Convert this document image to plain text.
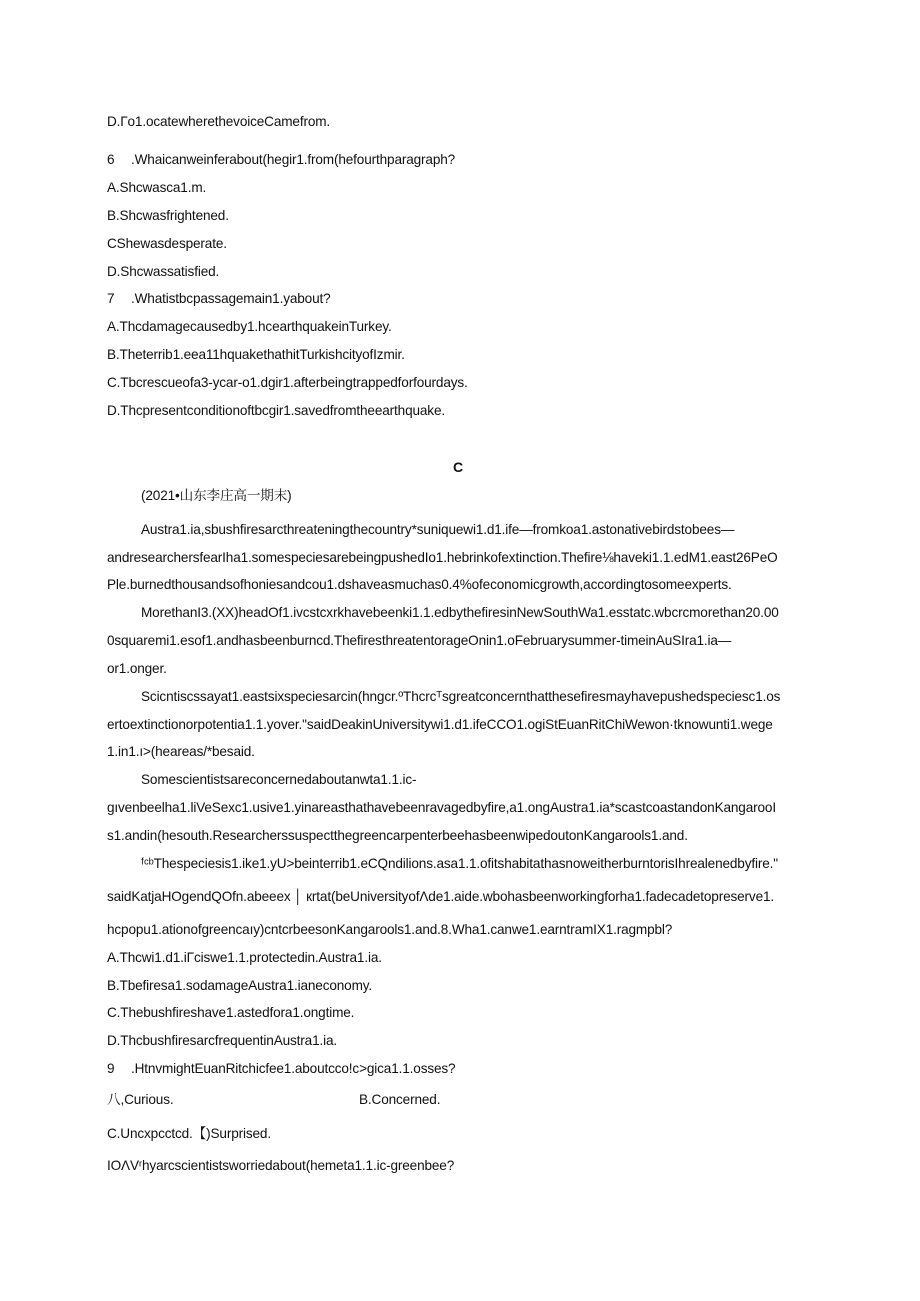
D.Гo1.ocatewherethevoiceCamefrom.
6 .Whaicanweinferabout(hegir1.from(hefourthparagraph?
A.Shcwasca1.m.
B.Shcwasfrightened.
CShewasdesperate.
D.Shcwassatisfied.
7 .Whatistbcpassagemain1.yabout?
A.Thcdamagecausedby1.hcearthquakeinTurkey.
B.Theterrib1.eea11hquakethathitTurkishcityofIzmir.
C.Tbcrescueofa3-ycar-o1.dgir1.afterbeingtrappedforfourdays.
D.Thcpresentconditionoftbcgir1.savedfromtheearthquake.
C
(2021•山东李庄高一期末)
Austra1.ia,sbushfiresarcthreateningthecountry*suniquewi1.d1.ife—fromkoa1.astonativebirdstobees—
andresearchersfearIha1.somespeciesarebeingpushedIo1.hebrinkofextinction.Thefire⅛haveki1.1.edM1.east26PeO
Ple.burnedthousandsofhoniesandcou1.dshaveasmuchas0.4%ofeconomicgrowth,accordingtosomeexperts.
MorethanI3.(XX)headOf1.ivcstcxrkhavebeenki1.1.edbythefiresinNewSouthWa1.esstatc.wbcrcmorethan20.00
0squaremi1.esof1.andhasbeenburncd.ThefiresthreatentorageOnin1.oFebruarysummer-timeinAuSIra1.ia—
or1.onger.
Scicntiscssayat1.eastsixspeciesarcin(hngcr.ºThcrcᵀsgreatconcernthatthesefiresmayhavepushedspeciesc1.os
ertoextinctionorpotentia1.1.yover."saidDeakinUniversitywi1.d1.ifeCCO1.ogiStEuanRitChiWewon·tknowunti1.wege
1.in1.ı>(heareas/*besaid.
Somescientistsareconcernedaboutanwta1.1.ic-
gıvenbeelha1.liVeSexc1.usive1.yinareasthathavebeenravagedbyfire,a1.ongAustra1.ia*scastcoastandonKangarooI
s1.andin(hesouth.ResearcherssuspectthegreencarpenterbeehasbeenwipedoutonKangarools1.and.
ᶠᶜᵇThespeciesis1.ike1.yU>beinterrib1.eCQndilions.asa1.1.ofitshabitathasnoweitherburntorisIhrealenedbyfire."
saidKatjaHOgendQOfn.abeeex │ кrtat(beUniversityofΛde1.aide.wbohasbeenworkingforha1.fadecadetopreserve1.
hcpopu1.ationofgreencaıy)cntcrbeesonKangarools1.and.8.Wha1.canwe1.earntramIX1.ragmpbl?
A.Thcwi1.d1.iΓciswe1.1.protectedin.Austra1.ia.
B.Tbefiresa1.sodamageAustra1.ianeconomy.
C.Thebushfireshave1.astedfora1.ongtime.
D.ThcbushfiresarcfrequentinAustra1.ia.
9 .HtnvmightEuanRitchicfee1.aboutcco!c>gica1.1.osses?
八,Curious.	B.Concerned.
C.Uncxpcctcd.【)Surprised.
IOΛVʳhyarcscientistsworriedabout(hemeta1.1.ic-greenbee?
